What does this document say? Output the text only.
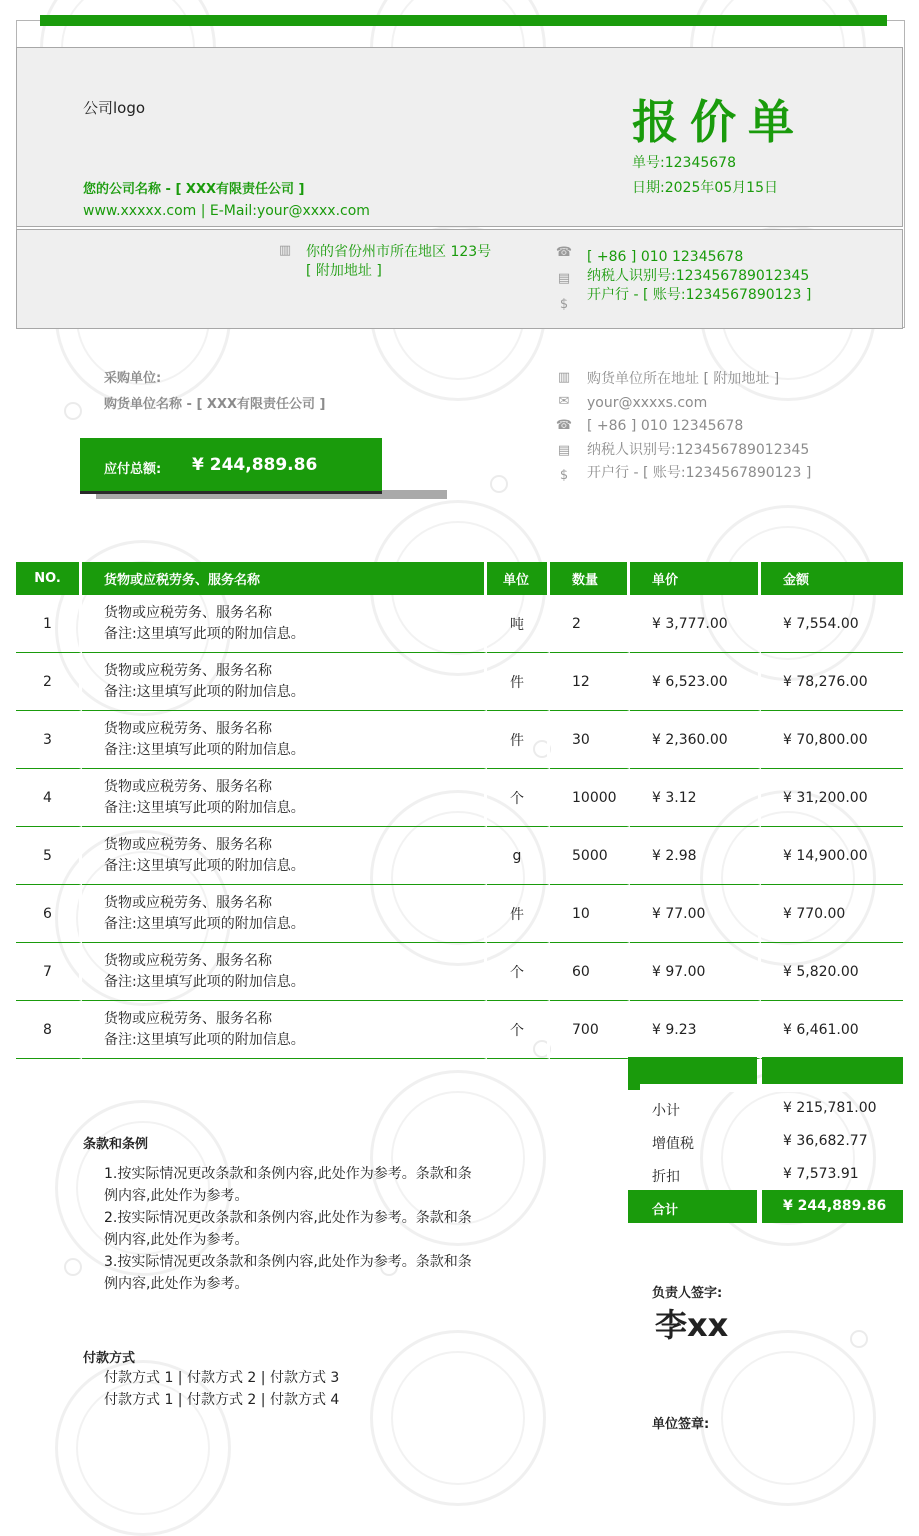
公司logo	报价单
单号:12345678
日期:2025年05月15日
您的公司名称 - [ XXX有限责任公司 ]
www.xxxxx.com | E-Mail:your@xxxx.com
▥ 你的省份州市所在地区 123号
[ 附加地址 ]
☎
▤
$
[ +86 ] 010 12345678
纳税人识别号:123456789012345
开户行 - [ 账号:1234567890123 ]
采购单位:
购货单位名称 - [ XXX有限责任公司 ]
▥
✉
☎
▤
$
购货单位所在地址 [ 附加地址 ]
your@xxxxs.com
[ +86 ] 010 12345678
纳税人识别号:123456789012345
开户行 - [ 账号:1234567890123 ]
应付总额: ¥ 244,889.86
NO.	货物或应税劳务、服务名称	单位	数量	单价	金额
1	货物或应税劳务、服务名称
备注:这里填写此项的附加信息。	吨	2	¥ 3,777.00	¥ 7,554.00
2	货物或应税劳务、服务名称
备注:这里填写此项的附加信息。	件	12	¥ 6,523.00	¥ 78,276.00
3	货物或应税劳务、服务名称
备注:这里填写此项的附加信息。	件	30	¥ 2,360.00	¥ 70,800.00
4	货物或应税劳务、服务名称
备注:这里填写此项的附加信息。	个	10000	¥ 3.12	¥ 31,200.00
5	货物或应税劳务、服务名称
备注:这里填写此项的附加信息。	g	5000	¥ 2.98	¥ 14,900.00
6	货物或应税劳务、服务名称
备注:这里填写此项的附加信息。	件	10	¥ 77.00	¥ 770.00
7	货物或应税劳务、服务名称
备注:这里填写此项的附加信息。	个	60	¥ 97.00	¥ 5,820.00
8	货物或应税劳务、服务名称
备注:这里填写此项的附加信息。	个	700	¥ 9.23	¥ 6,461.00
小计	¥ 215,781.00
增值税	¥ 36,682.77
折扣	¥ 7,573.91
合计	¥ 244,889.86
条款和条例
1.按实际情况更改条款和条例内容,此处作为参考。条款和条例内容,此处作为参考。
2.按实际情况更改条款和条例内容,此处作为参考。条款和条例内容,此处作为参考。
3.按实际情况更改条款和条例内容,此处作为参考。条款和条例内容,此处作为参考。
付款方式
付款方式 1 | 付款方式 2 | 付款方式 3
付款方式 1 | 付款方式 2 | 付款方式 4
负责人签字:
李xx
单位签章:
